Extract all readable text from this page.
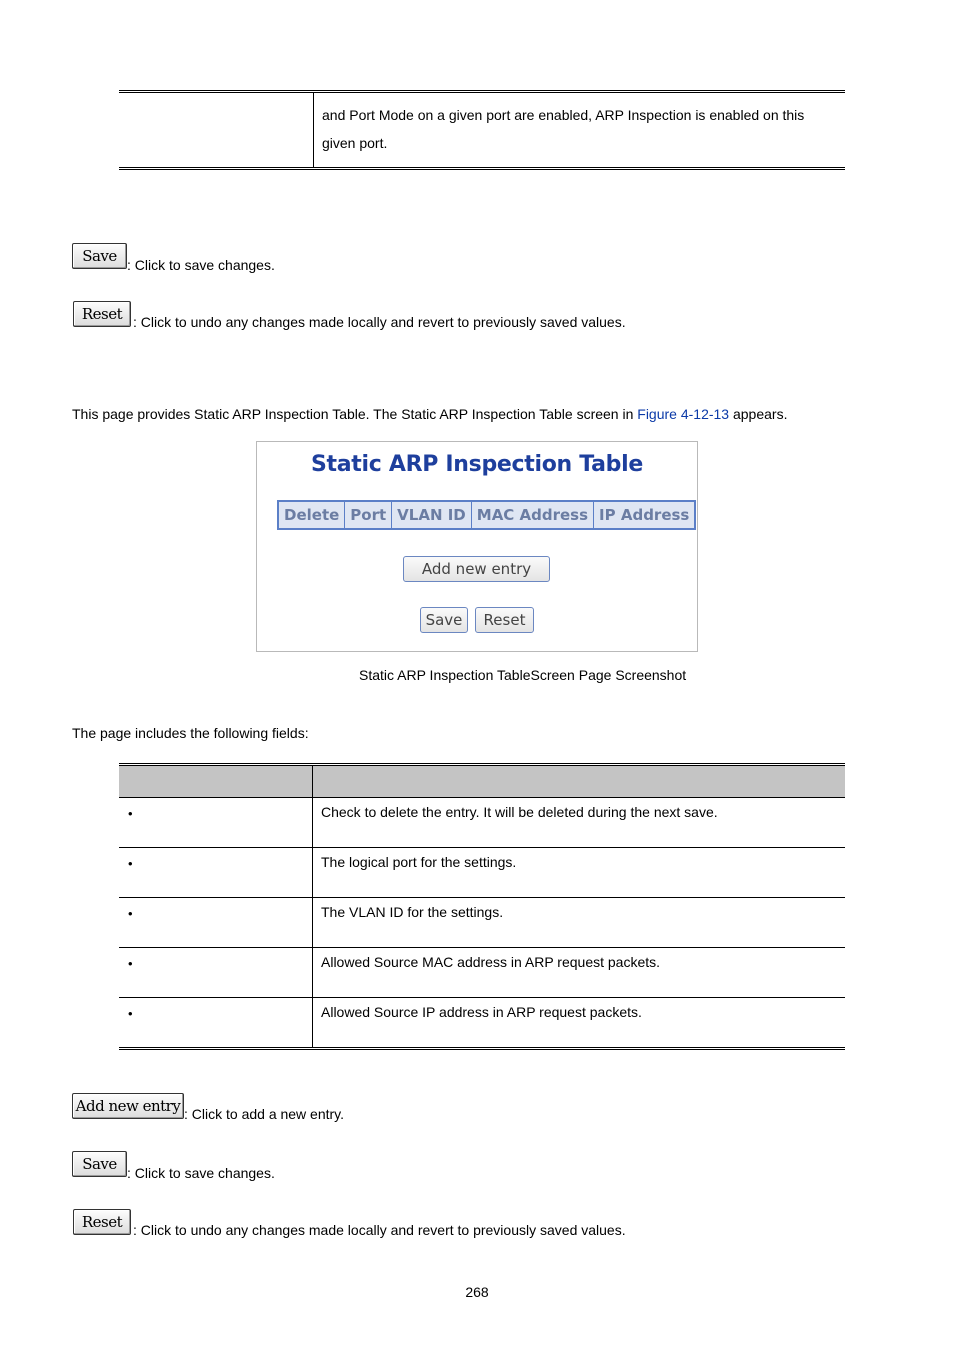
and Port Mode on a given port are enabled, ARP Inspection is enabled on this given port.
Save : Click to save changes.
Reset : Click to undo any changes made locally and revert to previously saved values.
This page provides Static ARP Inspection Table. The Static ARP Inspection Table screen in Figure 4-12-13 appears.
Static ARP Inspection Table
Delete Port VLAN ID MAC Address IP Address
Add new entry
Save	Reset
Static ARP Inspection TableScreen Page Screenshot
The page includes the following fields:

•	Check to delete the entry. It will be deleted during the next save.

•	The logical port for the settings.

•	The VLAN ID for the settings.

•	Allowed Source MAC address in ARP request packets.

•	Allowed Source IP address in ARP request packets.
Add new entry : Click to add a new entry.
Save : Click to save changes.
Reset : Click to undo any changes made locally and revert to previously saved values.
268
